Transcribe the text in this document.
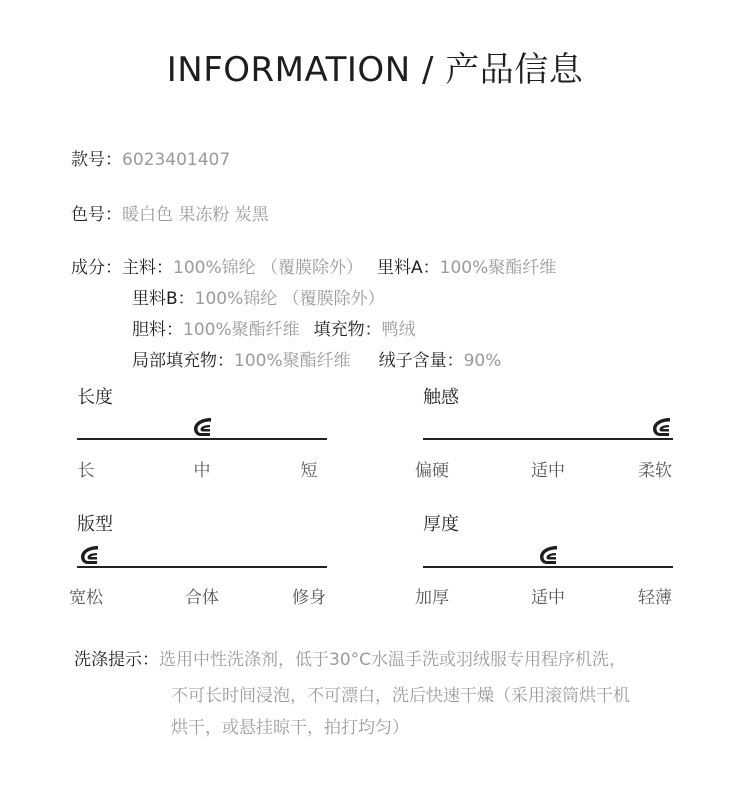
INFORMATION / 产品信息
款号：6023401407
色号：暖白色 果冻粉 炭黑
成分：主料：100%锦纶 （覆膜除外） 里料A：100%聚酯纤维
里料B：100%锦纶 （覆膜除外）
胆料：100%聚酯纤维 填充物：鸭绒
局部填充物：100%聚酯纤维 绒子含量：90%
长度
长	中	短
触感
偏硬	适中	柔软
版型
宽松	合体	修身
厚度
加厚	适中	轻薄
洗涤提示：选用中性洗涤剂，低于30°C水温手洗或羽绒服专用程序机洗，
不可长时间浸泡，不可漂白，洗后快速干燥（采用滚筒烘干机
烘干，或悬挂晾干，拍打均匀）
